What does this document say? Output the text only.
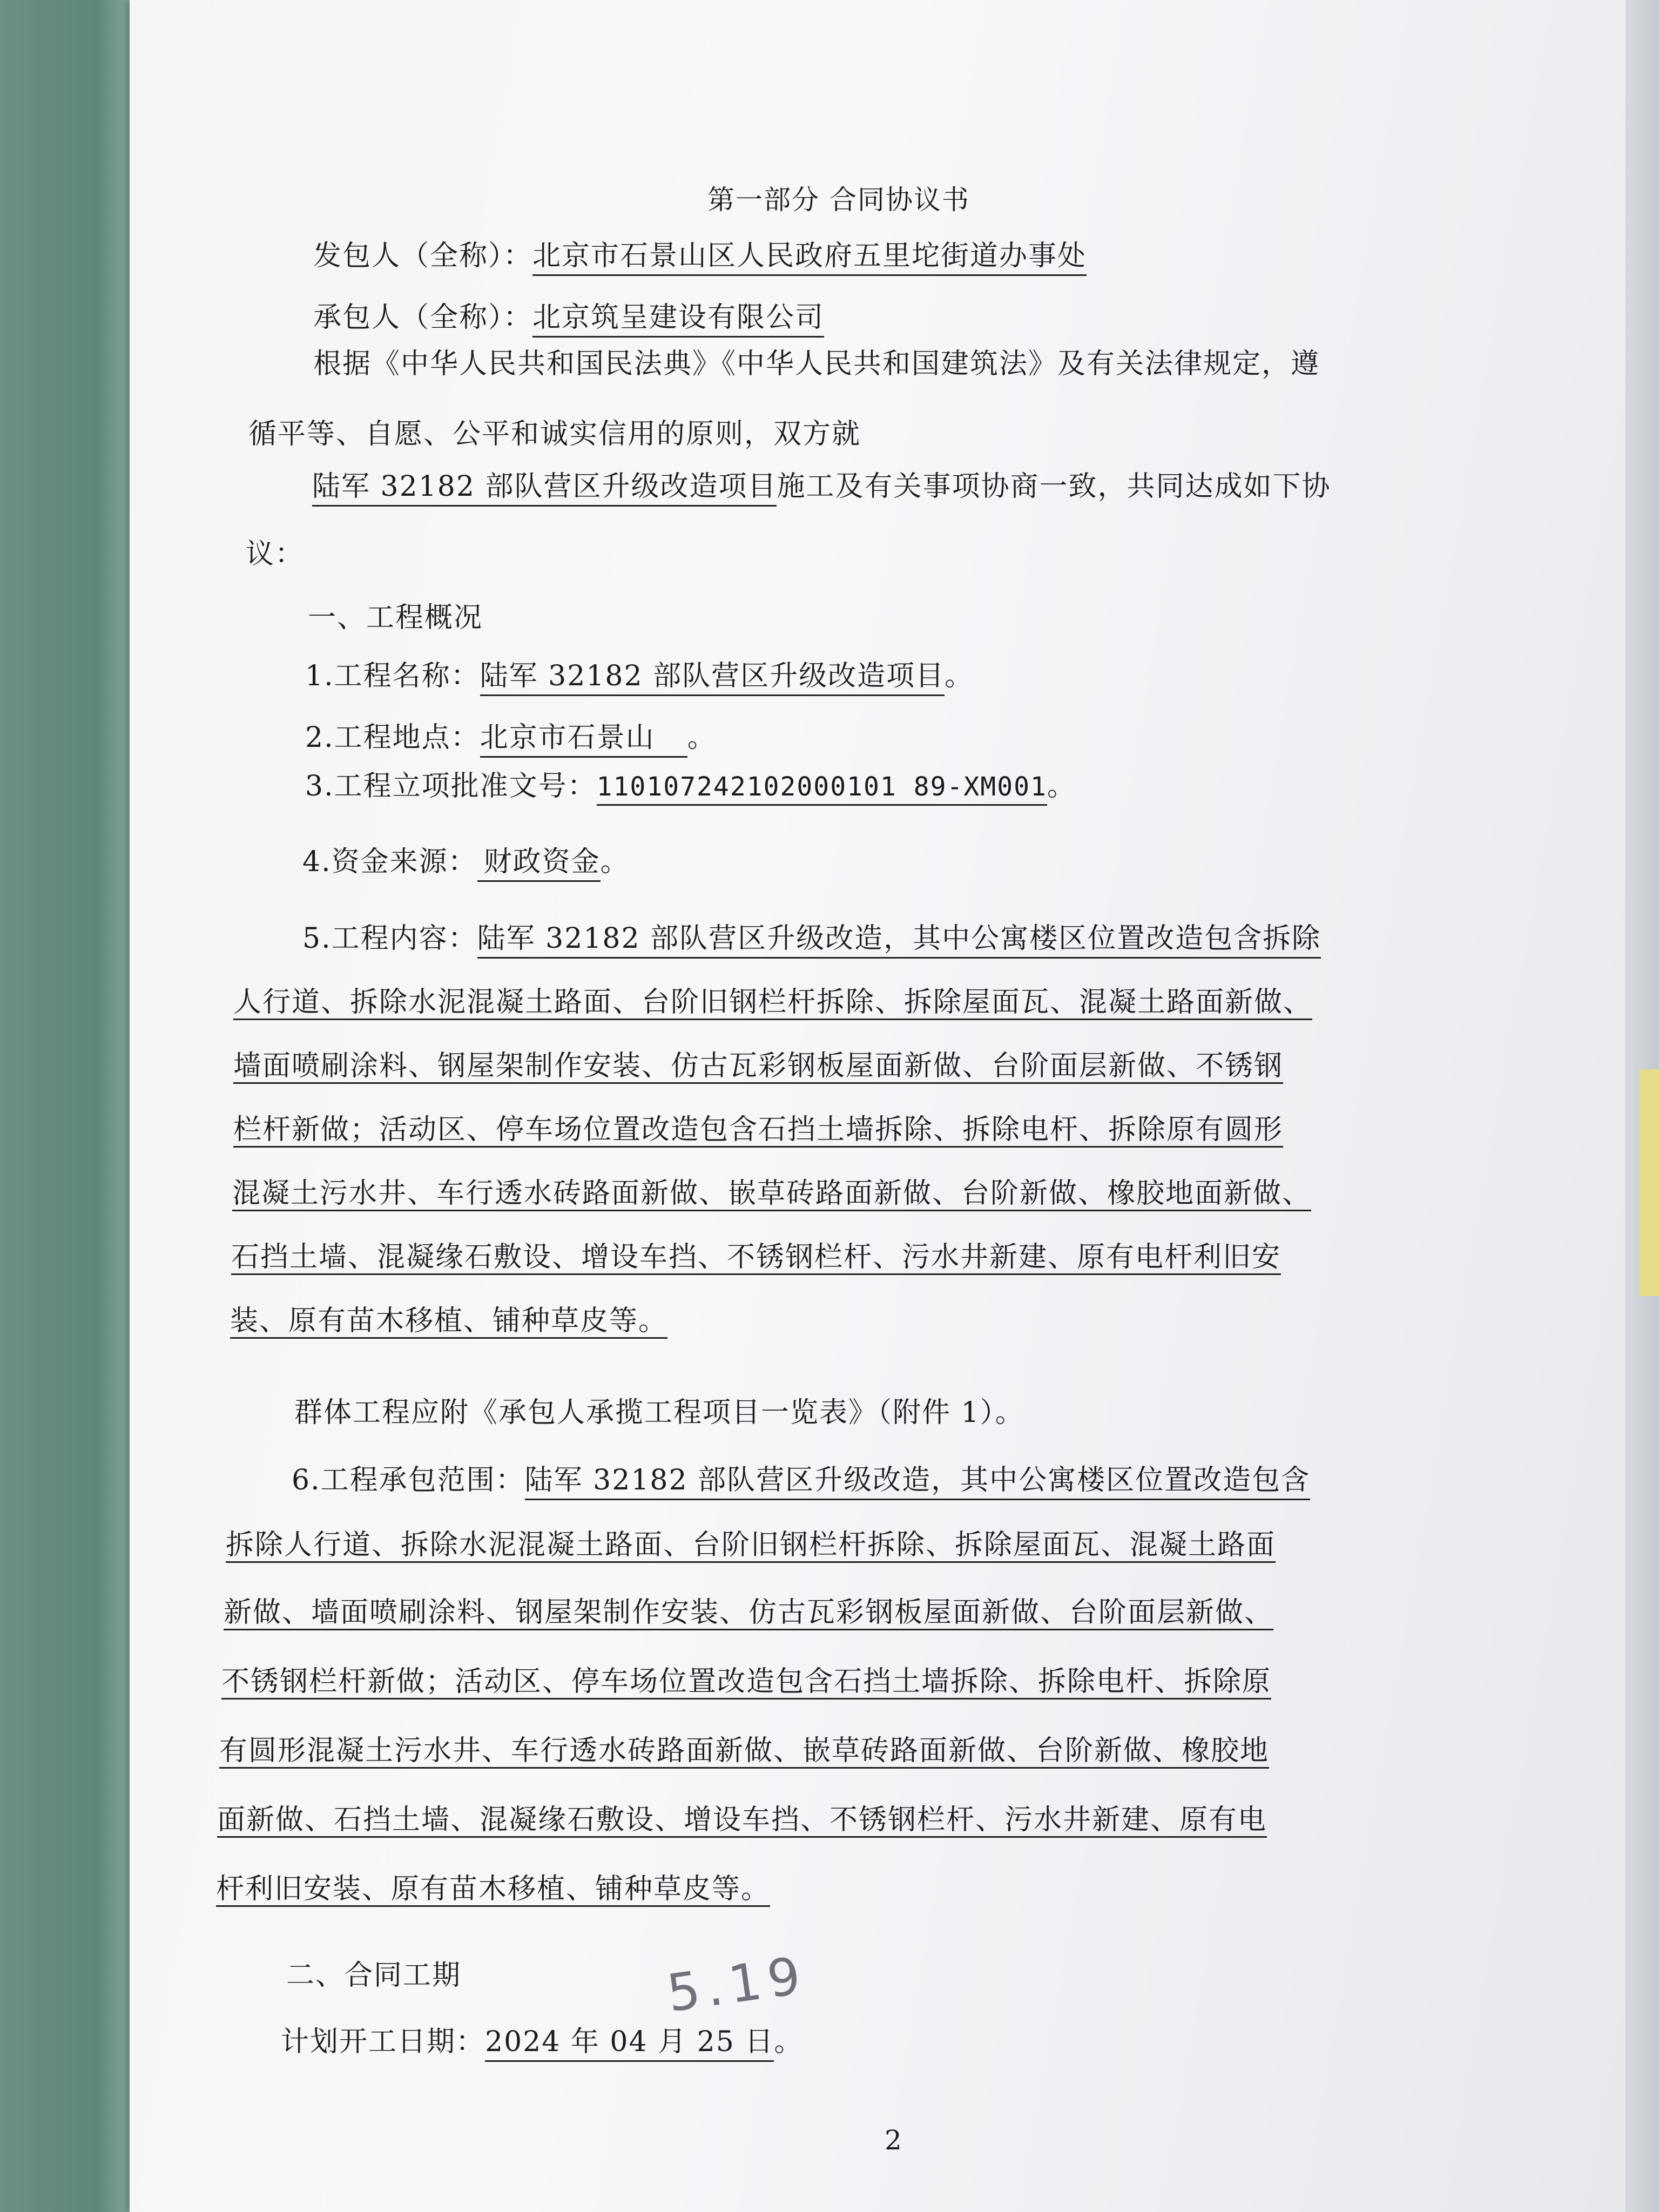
第一部分 合同协议书
发包人（全称）：北京市石景山区人民政府五里坨街道办事处
承包人（全称）：北京筑呈建设有限公司
根据《中华人民共和国民法典》《中华人民共和国建筑法》及有关法律规定，遵
循平等、自愿、公平和诚实信用的原则，双方就
陆军 32182 部队营区升级改造项目施工及有关事项协商一致，共同达成如下协
议：
一、工程概况
1.工程名称：陆军 32182 部队营区升级改造项目。
2.工程地点：北京市石景山 。
3.工程立项批准文号：110107242102000101 89-XM001。
4.资金来源： 财政资金。
5.工程内容：陆军 32182 部队营区升级改造，其中公寓楼区位置改造包含拆除
人行道、拆除水泥混凝土路面、台阶旧钢栏杆拆除、拆除屋面瓦、混凝土路面新做、
墙面喷刷涂料、钢屋架制作安装、仿古瓦彩钢板屋面新做、台阶面层新做、不锈钢
栏杆新做；活动区、停车场位置改造包含石挡土墙拆除、拆除电杆、拆除原有圆形
混凝土污水井、车行透水砖路面新做、嵌草砖路面新做、台阶新做、橡胶地面新做、
石挡土墙、混凝缘石敷设、增设车挡、不锈钢栏杆、污水井新建、原有电杆利旧安
装、原有苗木移植、铺种草皮等。
群体工程应附《承包人承揽工程项目一览表》（附件 1）。
6.工程承包范围：陆军 32182 部队营区升级改造，其中公寓楼区位置改造包含
拆除人行道、拆除水泥混凝土路面、台阶旧钢栏杆拆除、拆除屋面瓦、混凝土路面
新做、墙面喷刷涂料、钢屋架制作安装、仿古瓦彩钢板屋面新做、台阶面层新做、
不锈钢栏杆新做；活动区、停车场位置改造包含石挡土墙拆除、拆除电杆、拆除原
有圆形混凝土污水井、车行透水砖路面新做、嵌草砖路面新做、台阶新做、橡胶地
面新做、石挡土墙、混凝缘石敷设、增设车挡、不锈钢栏杆、污水井新建、原有电
杆利旧安装、原有苗木移植、铺种草皮等。
二、合同工期
计划开工日期：2024 年 04 月 25 日。
5.19
2
